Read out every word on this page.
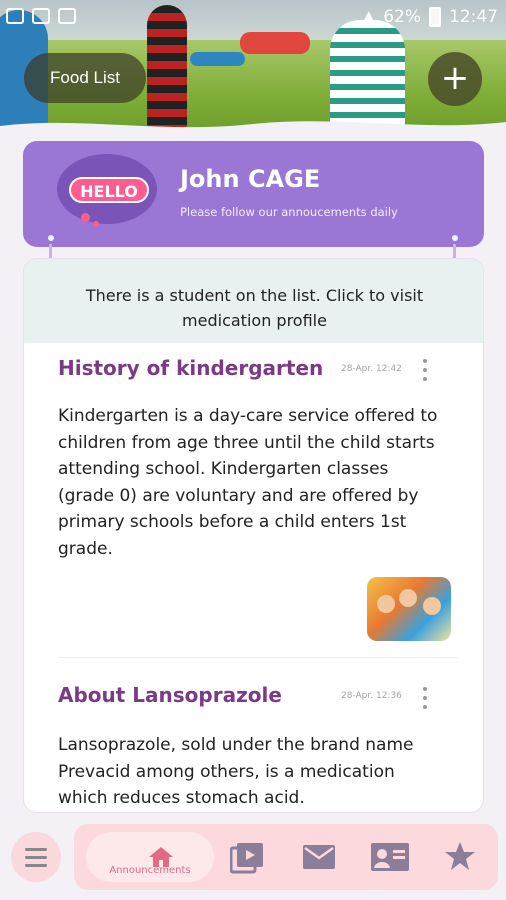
▲ 62% 12:47
Food List	+
HELLO	John CAGE
Please follow our annoucements daily
There is a student on the list. Click to visit
medication profile
History of kindergarten 28-Apr. 12:42
Kindergarten is a day-care service offered to children from age three until the child starts attending school. Kindergarten classes (grade 0) are voluntary and are offered by primary schools before a child enters 1st grade.
About Lansoprazole	28-Apr. 12:36
Lansoprazole, sold under the brand name Prevacid among others, is a medication which reduces stomach acid.
Announcements
